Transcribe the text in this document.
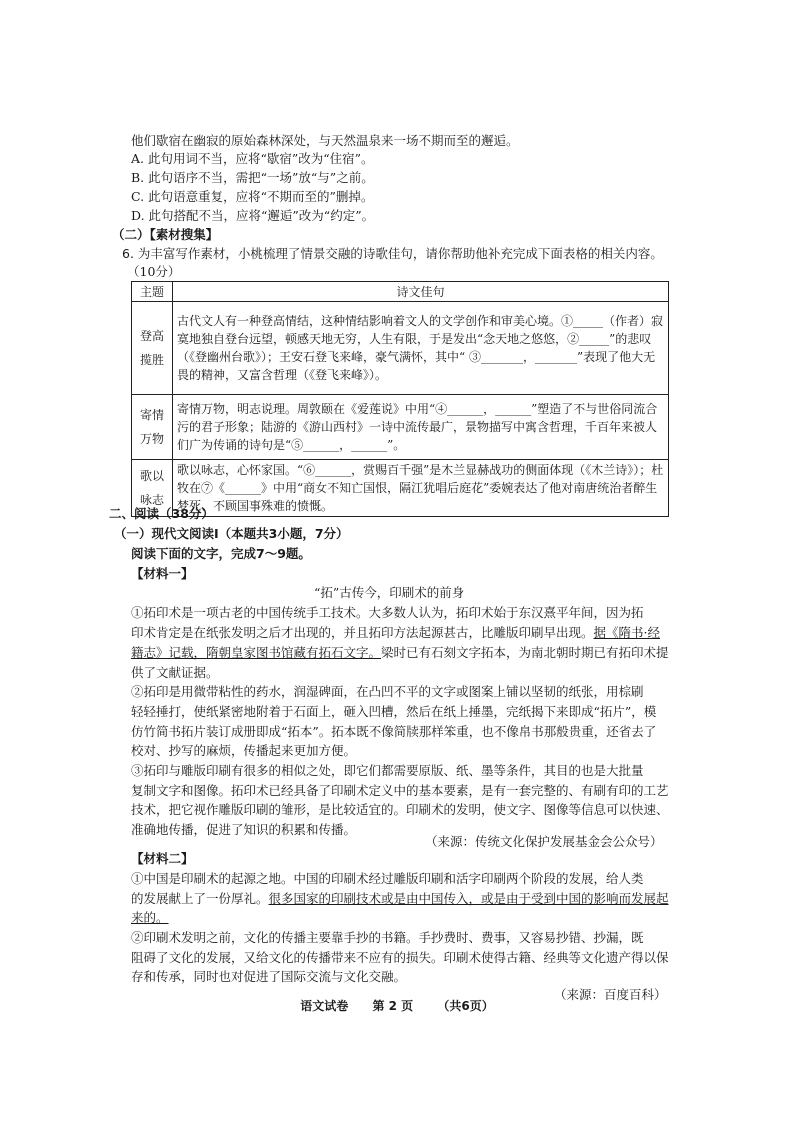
他们歇宿在幽寂的原始森林深处，与天然温泉来一场不期而至的邂逅。
A. 此句用词不当，应将“歇宿”改为“住宿”。
B. 此句语序不当，需把“一场”放“与”之前。
C. 此句语意重复，应将“不期而至的”删掉。
D. 此句搭配不当，应将“邂逅”改为“约定”。
（二）【素材搜集】
6. 为丰富写作素材，小桃梳理了情景交融的诗歌佳句，请你帮助他补充完成下面表格的相关内容。
（10分）
主题	诗文佳句

登高
揽胜	古代文人有一种登高情结，这种情结影响着文人的文学创作和审美心境。①_____（作者）寂寞地独自登台远望，顿感天地无穷，人生有限，于是发出“念天地之悠悠，②_____”的悲叹（《登幽州台歌》）；王安石登飞来峰，豪气满怀，其中“ ③_______，_______”表现了他大无畏的精神，又富含哲理（《登飞来峰》）。

寄情
万物	寄情万物，明志说理。周敦颐在《爱莲说》中用“④______，______”塑造了不与世俗同流合污的君子形象；陆游的《游山西村》一诗中流传最广，景物描写中寓含哲理，千百年来被人们广为传诵的诗句是“⑤______，______”。

歌以
咏志	歌以咏志，心怀家国。“⑥______，赏赐百千强”是木兰显赫战功的侧面体现（《木兰诗》）；杜牧在⑦《______》中用“商女不知亡国恨，隔江犹唱后庭花”委婉表达了他对南唐统治者醉生梦死、不顾国事殊难的愤慨。
二、阅读（38分）
（一）现代文阅读Ⅰ（本题共3小题，7分）
阅读下面的文字，完成7～9题。
【材料一】
“拓”古传今，印刷术的前身
①拓印术是一项古老的中国传统手工技术。大多数人认为，拓印术始于东汉熹平年间，因为拓
印术肯定是在纸张发明之后才出现的，并且拓印方法起源甚古，比雕版印刷早出现。据《隋书·经
籍志》记载，隋朝皇家图书馆藏有拓石文字。梁时已有石刻文字拓本，为南北朝时期已有拓印术提
供了文献证据。
②拓印是用微带粘性的药水，润湿碑面，在凸凹不平的文字或图案上铺以坚韧的纸张，用棕刷
轻轻捶打，使纸紧密地附着于石面上，砸入凹槽，然后在纸上捶墨，完纸揭下来即成“拓片”，模
仿竹简书拓片装订成册即成“拓本”。拓本既不像简牍那样笨重，也不像帛书那般贵重，还省去了
校对、抄写的麻烦，传播起来更加方便。
③拓印与雕版印刷有很多的相似之处，即它们都需要原版、纸、墨等条件，其目的也是大批量
复制文字和图像。拓印术已经具备了印刷术定义中的基本要素，是有一套完整的、有刷有印的工艺
技术，把它视作雕版印刷的雏形，是比较适宜的。印刷术的发明，使文字、图像等信息可以快速、
准确地传播，促进了知识的积累和传播。
（来源：传统文化保护发展基金会公众号）
【材料二】
①中国是印刷术的起源之地。中国的印刷术经过雕版印刷和活字印刷两个阶段的发展，给人类
的发展献上了一份厚礼。很多国家的印刷技术或是由中国传入，或是由于受到中国的影响而发展起
来的。
②印刷术发明之前，文化的传播主要靠手抄的书籍。手抄费时、费事，又容易抄错、抄漏，既
阻碍了文化的发展，又给文化的传播带来不应有的损失。印刷术使得古籍、经典等文化遗产得以保
存和传承，同时也对促进了国际交流与文化交融。
（来源：百度百科）
语文试卷 第 2 页 （共6页）
